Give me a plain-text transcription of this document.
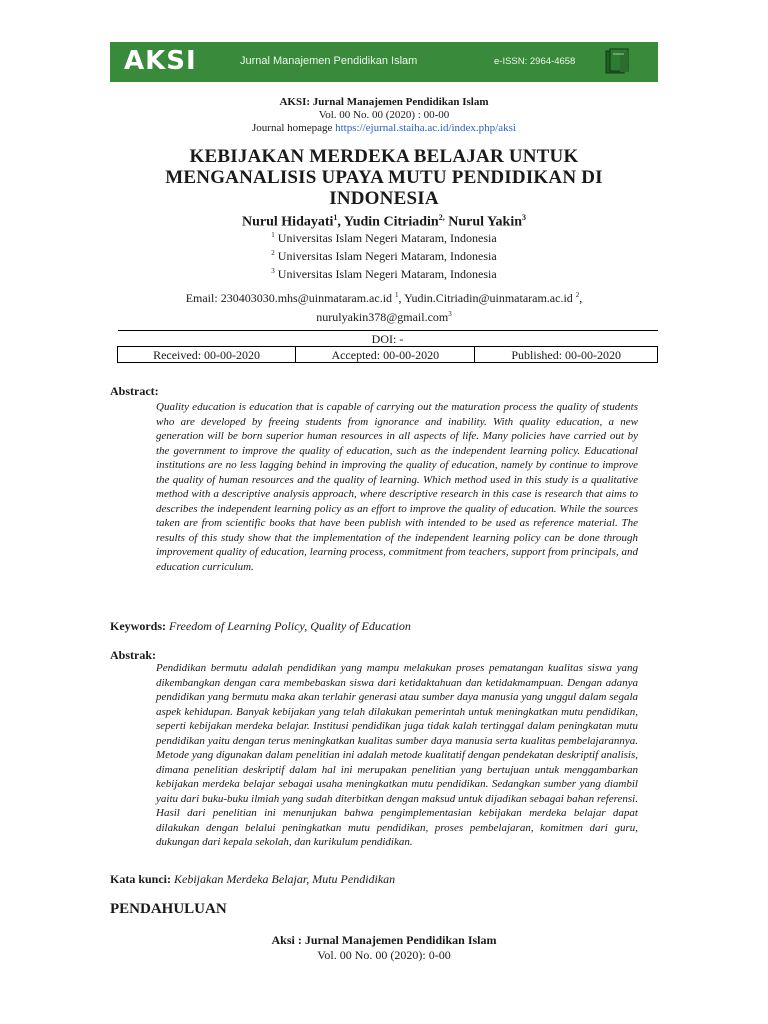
AKSI	Jurnal Manajemen Pendidikan Islam	e-ISSN: 2964-4658
AKSI: Jurnal Manajemen Pendidikan Islam
Vol. 00 No. 00 (2020) : 00-00
Journal homepage https://ejurnal.staiha.ac.id/index.php/aksi
KEBIJAKAN MERDEKA BELAJAR UNTUK
MENGANALISIS UPAYA MUTU PENDIDIKAN DI
INDONESIA
Nurul Hidayati$^1$, Yudin Citriadin$^{2,}$ Nurul Yakin$^3$
$^1$ Universitas Islam Negeri Mataram, Indonesia
$^2$ Universitas Islam Negeri Mataram, Indonesia
$^3$ Universitas Islam Negeri Mataram, Indonesia
Email: 230403030.mhs@uinmataram.ac.id $^1$, Yudin.Citriadin@uinmataram.ac.id $^2$,
nurulyakin378@gmail.com$^3$
DOI: -
Received: 00-00-2020	Accepted: 00-00-2020	Published: 00-00-2020
Abstract:
Quality education is education that is capable of carrying out the maturation process the quality of students who are developed by freeing students from ignorance and inability. With quality education, a new generation will be born superior human resources in all aspects of life. Many policies have carried out by the government to improve the quality of education, such as the independent learning policy. Educational institutions are no less lagging behind in improving the quality of education, namely by continue to improve the quality of human resources and the quality of learning. Which method used in this study is a qualitative method with a descriptive analysis approach, where descriptive research in this case is research that aims to describes the independent learning policy as an effort to improve the quality of education. While the sources taken are from scientific books that have been publish with intended to be used as reference material. The results of this study show that the implementation of the independent learning policy can be done through improvement quality of education, learning process, commitment from teachers, support from principals, and education curriculum.
Keywords: Freedom of Learning Policy, Quality of Education
Abstrak:
Pendidikan bermutu adalah pendidikan yang mampu melakukan proses pematangan kualitas siswa yang dikembangkan dengan cara membebaskan siswa dari ketidaktahuan dan ketidakmampuan. Dengan adanya pendidikan yang bermutu maka akan terlahir generasi atau sumber daya manusia yang unggul dalam segala aspek kehidupan. Banyak kebijakan yang telah dilakukan pemerintah untuk meningkatkan mutu pendidikan, seperti kebijakan merdeka belajar. Institusi pendidikan juga tidak kalah tertinggal dalam peningkatan mutu pendidikan yaitu dengan terus meningkatkan kualitas sumber daya manusia serta kualitas pembelajarannya. Metode yang digunakan dalam penelitian ini adalah metode kualitatif dengan pendekatan deskriptif analisis, dimana penelitian deskriptif dalam hal ini merupakan penelitian yang bertujuan untuk menggambarkan kebijakan merdeka belajar sebagai usaha meningkatkan mutu pendidikan. Sedangkan sumber yang diambil yaitu dari buku-buku ilmiah yang sudah diterbitkan dengan maksud untuk dijadikan sebagai bahan referensi. Hasil dari penelitian ini menunjukan bahwa pengimplementasian kebijakan merdeka belajar dapat dilakukan dengan belalui peningkatkan mutu pendidikan, proses pembelajaran, komitmen dari guru, dukungan dari kepala sekolah, dan kurikulum pendidikan.
Kata kunci: Kebijakan Merdeka Belajar, Mutu Pendidikan
PENDAHULUAN
Aksi : Jurnal Manajemen Pendidikan Islam
Vol. 00 No. 00 (2020): 0-00
